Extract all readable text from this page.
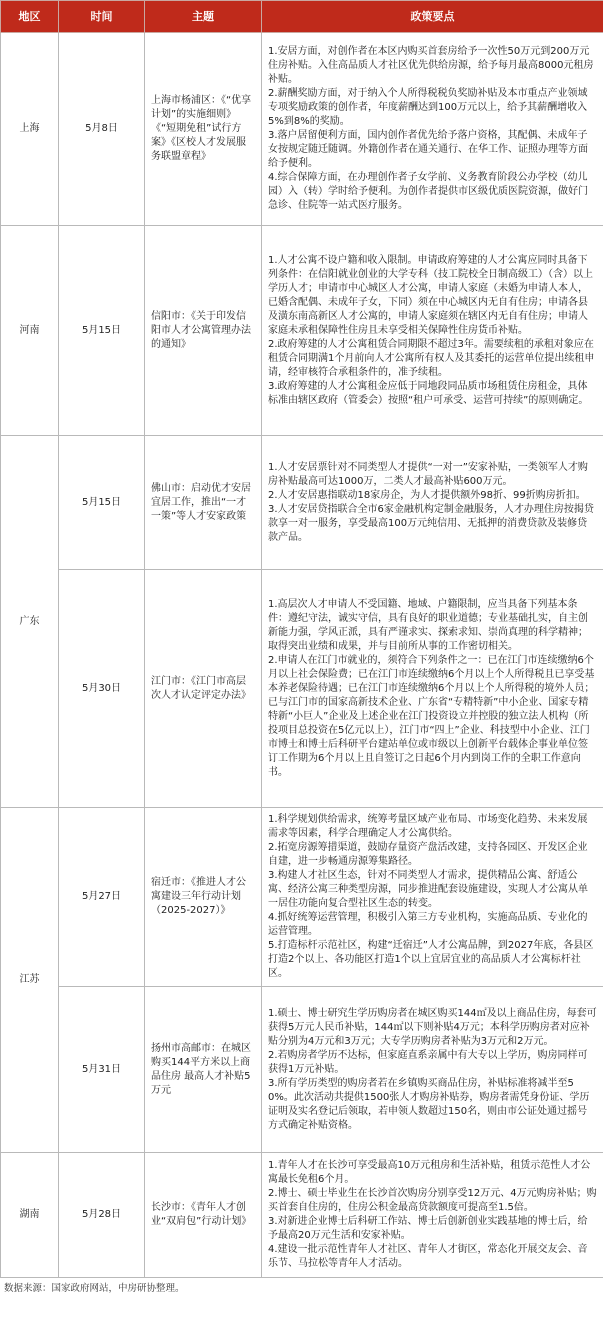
地区	时间	主题	政策要点
上海	5月8日	上海市杨浦区：《“优享计划”的实施细则》《“短期免租”试行方案》《区校人才发展服务联盟章程》	1.安居方面，对创作者在本区内购买首套房给予一次性50万元到200万元住房补贴。入住高品质人才社区优先供给房源，给予每月最高8000元租房补贴。
2.薪酬奖励方面，对于纳入个人所得税税负奖励补贴及本市重点产业领域专项奖励政策的创作者，年度薪酬达到100万元以上，给予其薪酬增收入5%到8%的奖励。
3.落户居留便利方面，国内创作者优先给予落户资格，其配偶、未成年子女按规定随迁随调。外籍创作者在通关通行、在华工作、证照办理等方面给予便利。
4.综合保障方面，在办理创作者子女学前、义务教育阶段公办学校（幼儿园）入（转）学时给予便利。为创作者提供市区级优质医院资源，做好门急诊、住院等一站式医疗服务。

河南	5月15日	信阳市：《关于印发信阳市人才公寓管理办法的通知》	1.人才公寓不设户籍和收入限制。申请政府筹建的人才公寓应同时具备下列条件：在信阳就业创业的大学专科（技工院校全日制高级工）（含）以上学历人才；申请市中心城区人才公寓，申请人家庭（未婚为申请人本人，已婚含配偶、未成年子女，下同）须在中心城区内无自有住房；申请各县及潢东南高新区人才公寓的，申请人家庭须在辖区内无自有住房；申请人家庭未承租保障性住房且未享受相关保障性住房货币补贴。
2.政府筹建的人才公寓租赁合同期限不超过3年。需要续租的承租对象应在租赁合同期满1个月前向人才公寓所有权人及其委托的运营单位提出续租申请，经审核符合承租条件的，准予续租。
3.政府筹建的人才公寓租金应低于同地段同品质市场租赁住房租金，具体标准由辖区政府（管委会）按照“租户可承受、运营可持续”的原则确定。

广东	5月15日	佛山市：启动优才安居宜居工作，推出“一才一策”等人才安家政策	1.人才安居票针对不同类型人才提供“一对一”安家补贴，一类领军人才购房补贴最高可达1000万，二类人才最高补贴600万元。
2.人才安居惠指联动18家房企，为人才提供额外98折、99折购房折扣。
3.人才安居贷指联合全市6家金融机构定制金融服务，人才办理住房按揭贷款享一对一服务，享受最高100万元纯信用、无抵押的消费贷款及装修贷款产品。

	5月30日	江门市：《江门市高层次人才认定评定办法》	1.高层次人才申请人不受国籍、地域、户籍限制，应当具备下列基本条件：遵纪守法，诚实守信，具有良好的职业道德；专业基础扎实，自主创新能力强，学风正派，具有严谨求实、探索求知、崇尚真理的科学精神；取得突出业绩和成果，并与目前所从事的工作密切相关。
2.申请人在江门市就业的，须符合下列条件之一：已在江门市连续缴纳6个月以上社会保险费；已在江门市连续缴纳6个月以上个人所得税且已享受基本养老保险待遇；已在江门市连续缴纳6个月以上个人所得税的境外人员；已与江门市的国家高新技术企业、广东省“专精特新”中小企业、国家专精特新“小巨人”企业及上述企业在江门投资设立并控股的独立法人机构（所投项目总投资在5亿元以上），江门市“四上”企业、科技型中小企业、江门市博士和博士后科研平台建站单位或市级以上创新平台载体企事业单位签订工作期为6个月以上且自签订之日起6个月内到岗工作的全职工作意向书。

江苏	5月27日	宿迁市：《推进人才公寓建设三年行动计划（2025-2027）》	1.科学规划供给需求，统筹考量区域产业布局、市场变化趋势、未来发展需求等因素，科学合理确定人才公寓供给。
2.拓宽房源筹措渠道，鼓励存量资产盘活改建，支持各园区、开发区企业自建，进一步畅通房源筹集路径。
3.构建人才社区生态，针对不同类型人才需求，提供精品公寓、舒适公寓、经济公寓三种类型房源，同步推进配套设施建设，实现人才公寓从单一居住功能向复合型社区生态的转变。
4.抓好统筹运营管理，积极引入第三方专业机构，实施高品质、专业化的运营管理。
5.打造标杆示范社区，构建“迁宿迁”人才公寓品牌，到2027年底，各县区打造2个以上、各功能区打造1个以上宜居宜业的高品质人才公寓标杆社区。

	5月31日	扬州市高邮市：在城区购买144平方米以上商品住房 最高人才补贴5万元	1.硕士、博士研究生学历购房者在城区购买144㎡及以上商品住房，每套可获得5万元人民币补贴，144㎡以下则补贴4万元；本科学历购房者对应补贴分别为4万元和3万元；大专学历购房者补贴为3万元和2万元。
2.若购房者学历不达标，但家庭直系亲属中有大专以上学历，购房同样可获得1万元补贴。
3.所有学历类型的购房者若在乡镇购买商品住房，补贴标准将减半至50%。此次活动共提供1500张人才购房补贴券，购房者需凭身份证、学历证明及实名登记后领取，若申领人数超过150名，则由市公证处通过摇号方式确定补贴资格。

湖南	5月28日	长沙市：《青年人才创业“双肩包”行动计划》	1.青年人才在长沙可享受最高10万元租房和生活补贴，租赁示范性人才公寓最长免租6个月。
2.博士、硕士毕业生在长沙首次购房分别享受12万元、4万元购房补贴；购买首套自住房的，住房公积金最高贷款额度可提高至1.5倍。
3.对新进企业博士后科研工作站、博士后创新创业实践基地的博士后，给予最高20万元生活和安家补贴。
4.建设一批示范性青年人才社区、青年人才街区，常态化开展交友会、音乐节、马拉松等青年人才活动。
数据来源：国家政府网站，中房研协整理。
